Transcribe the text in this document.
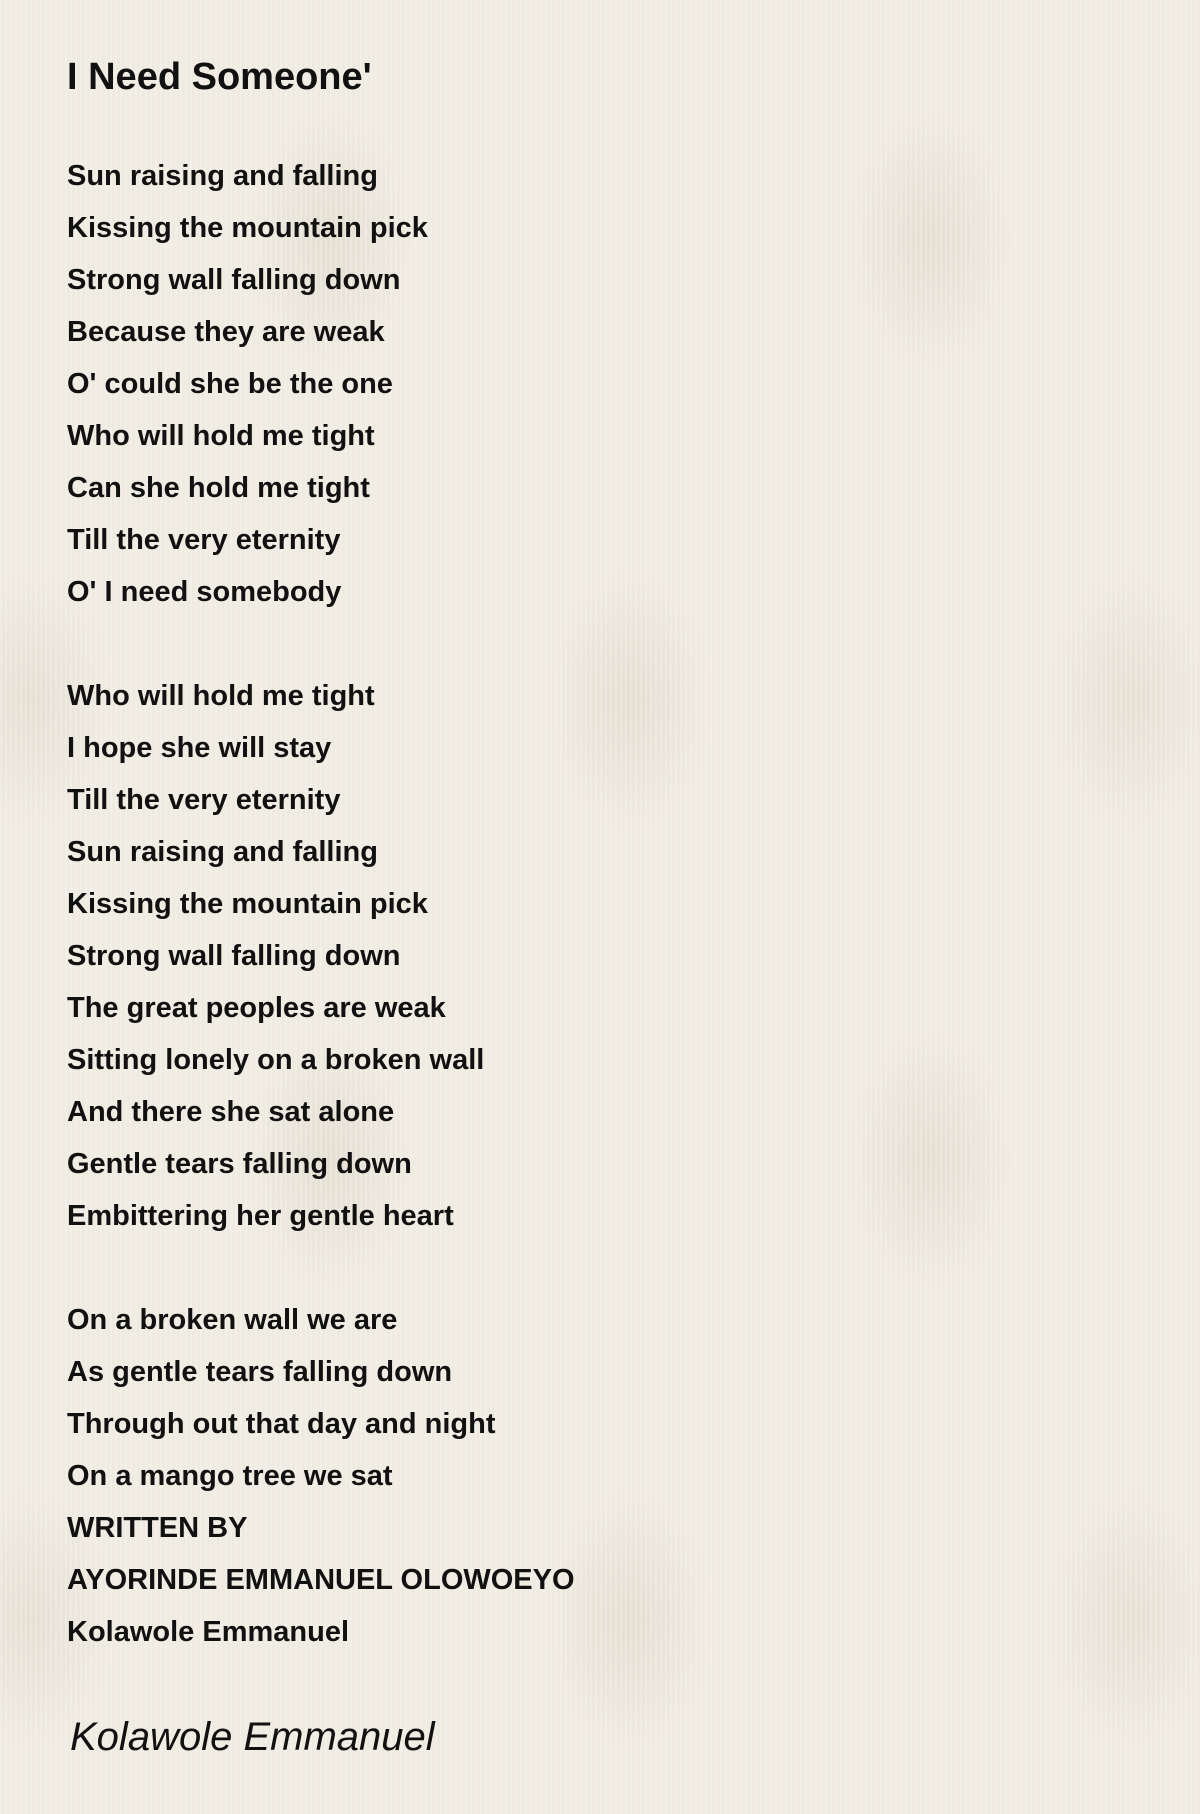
I Need Someone'
Sun raising and falling
Kissing the mountain pick
Strong wall falling down
Because they are weak
O' could she be the one
Who will hold me tight
Can she hold me tight
Till the very eternity
O' I need somebody
Who will hold me tight
I hope she will stay
Till the very eternity
Sun raising and falling
Kissing the mountain pick
Strong wall falling down
The great peoples are weak
Sitting lonely on a broken wall
And there she sat alone
Gentle tears falling down
Embittering her gentle heart
On a broken wall we are
As gentle tears falling down
Through out that day and night
On a mango tree we sat
WRITTEN BY
AYORINDE EMMANUEL OLOWOEYO
Kolawole Emmanuel
Kolawole Emmanuel
